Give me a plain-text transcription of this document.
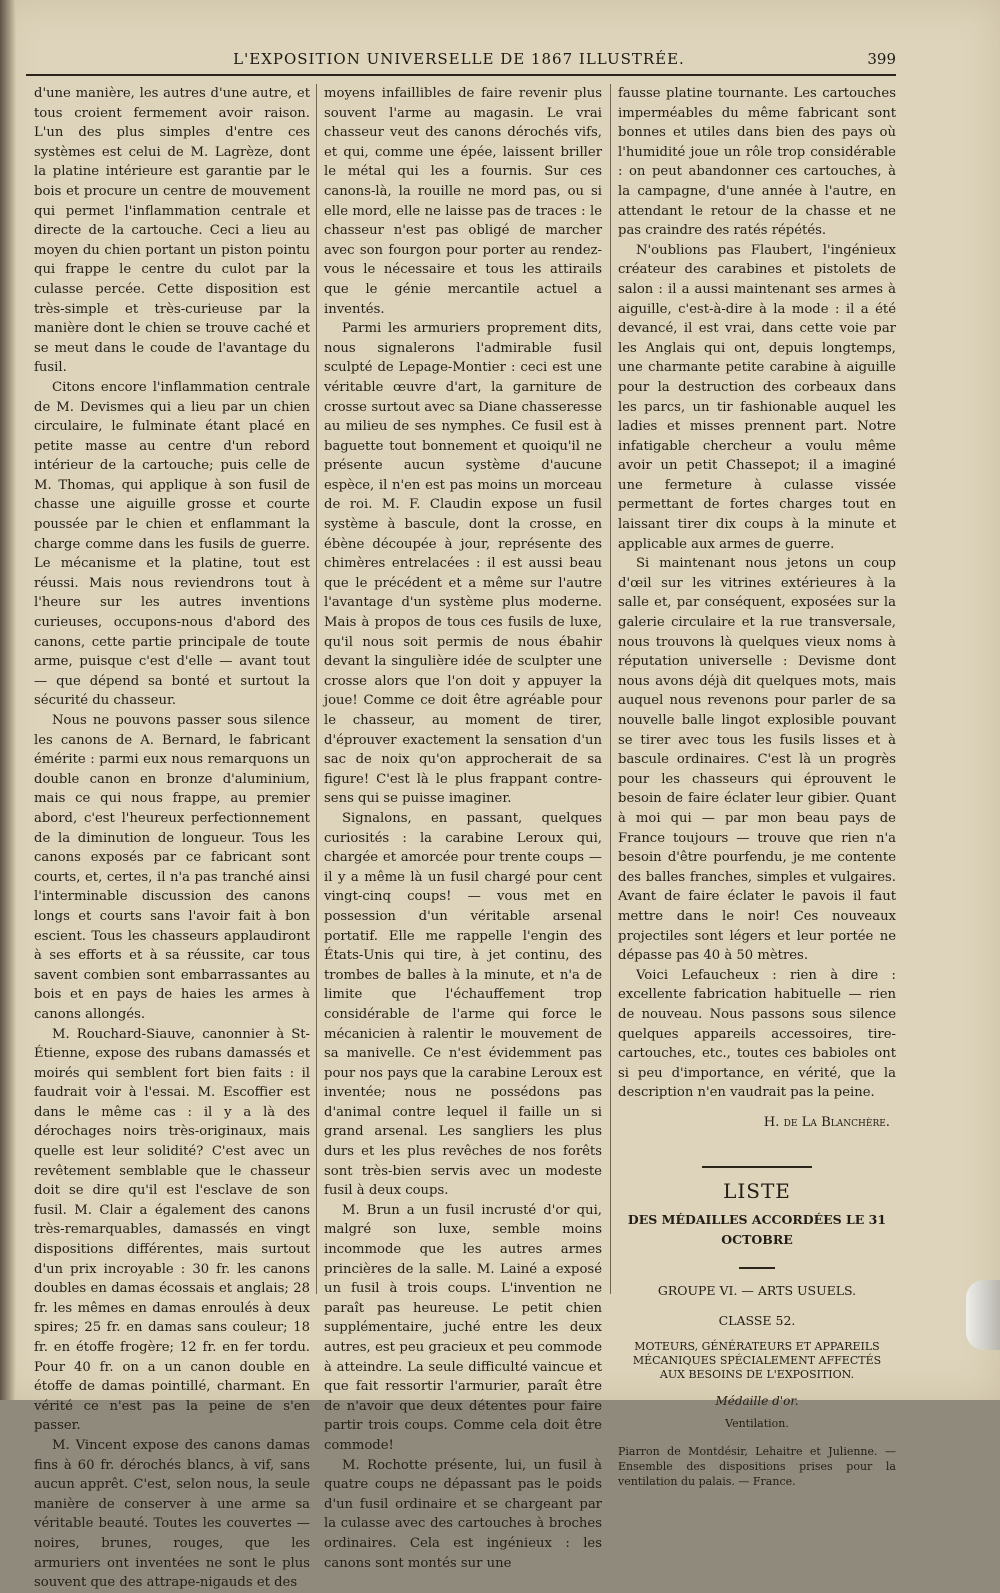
L'EXPOSITION UNIVERSELLE DE 1867 ILLUSTRÉE.	399

d'une manière, les autres d'une autre, et tous croient fermement avoir raison. L'un des plus simples d'entre ces systèmes est celui de M. Lagrèze, dont la platine intérieure est garantie par le bois et procure un centre de mouvement qui permet l'inflammation centrale et directe de la cartouche. Ceci a lieu au moyen du chien portant un piston pointu qui frappe le centre du culot par la culasse percée. Cette disposition est très-simple et très-curieuse par la manière dont le chien se trouve caché et se meut dans le coude de l'avantage du fusil.

Citons encore l'inflammation centrale de M. Devismes qui a lieu par un chien circulaire, le fulminate étant placé en petite masse au centre d'un rebord intérieur de la cartouche; puis celle de M. Thomas, qui applique à son fusil de chasse une aiguille grosse et courte poussée par le chien et enflammant la charge comme dans les fusils de guerre. Le mécanisme et la platine, tout est réussi. Mais nous reviendrons tout à l'heure sur les autres inventions curieuses, occupons-nous d'abord des canons, cette partie principale de toute arme, puisque c'est d'elle — avant tout — que dépend sa bonté et surtout la sécurité du chasseur.

Nous ne pouvons passer sous silence les canons de A. Bernard, le fabricant émérite : parmi eux nous remarquons un double canon en bronze d'aluminium, mais ce qui nous frappe, au premier abord, c'est l'heureux perfectionnement de la diminution de longueur. Tous les canons exposés par ce fabricant sont courts, et, certes, il n'a pas tranché ainsi l'interminable discussion des canons longs et courts sans l'avoir fait à bon escient. Tous les chasseurs applaudiront à ses efforts et à sa réussite, car tous savent combien sont embarrassantes au bois et en pays de haies les armes à canons allongés.

M. Rouchard-Siauve, canonnier à St-Étienne, expose des rubans damassés et moirés qui semblent fort bien faits : il faudrait voir à l'essai. M. Escoffier est dans le même cas : il y a là des dérochages noirs très-originaux, mais quelle est leur solidité? C'est avec un revêtement semblable que le chasseur doit se dire qu'il est l'esclave de son fusil. M. Clair a également des canons très-remarquables, damassés en vingt dispositions différentes, mais surtout d'un prix incroyable : 30 fr. les canons doubles en damas écossais et anglais; 28 fr. les mêmes en damas enroulés à deux spires; 25 fr. en damas sans couleur; 18 fr. en étoffe frogère; 12 fr. en fer tordu. Pour 40 fr. on a un canon double en étoffe de damas pointillé, charmant. En vérité ce n'est pas la peine de s'en passer.

M. Vincent expose des canons damas fins à 60 fr. dérochés blancs, à vif, sans aucun apprêt. C'est, selon nous, la seule manière de conserver à une arme sa véritable beauté. Toutes les couvertes — noires, brunes, rouges, que les armuriers ont inventées ne sont le plus souvent que des attrape-nigauds et des

moyens infaillibles de faire revenir plus souvent l'arme au magasin. Le vrai chasseur veut des canons dérochés vifs, et qui, comme une épée, laissent briller le métal qui les a fournis. Sur ces canons-là, la rouille ne mord pas, ou si elle mord, elle ne laisse pas de traces : le chasseur n'est pas obligé de marcher avec son fourgon pour porter au rendez-vous le nécessaire et tous les attirails que le génie mercantile actuel a inventés.

Parmi les armuriers proprement dits, nous signalerons l'admirable fusil sculpté de Lepage-Montier : ceci est une véritable œuvre d'art, la garniture de crosse surtout avec sa Diane chasseresse au milieu de ses nymphes. Ce fusil est à baguette tout bonnement et quoiqu'il ne présente aucun système d'aucune espèce, il n'en est pas moins un morceau de roi. M. F. Claudin expose un fusil système à bascule, dont la crosse, en ébène découpée à jour, représente des chimères entrelacées : il est aussi beau que le précédent et a même sur l'autre l'avantage d'un système plus moderne. Mais à propos de tous ces fusils de luxe, qu'il nous soit permis de nous ébahir devant la singulière idée de sculpter une crosse alors que l'on doit y appuyer la joue! Comme ce doit être agréable pour le chasseur, au moment de tirer, d'éprouver exactement la sensation d'un sac de noix qu'on approcherait de sa figure! C'est là le plus frappant contre-sens qui se puisse imaginer.

Signalons, en passant, quelques curiosités : la carabine Leroux qui, chargée et amorcée pour trente coups — il y a même là un fusil chargé pour cent vingt-cinq coups! — vous met en possession d'un véritable arsenal portatif. Elle me rappelle l'engin des États-Unis qui tire, à jet continu, des trombes de balles à la minute, et n'a de limite que l'échauffement trop considérable de l'arme qui force le mécanicien à ralentir le mouvement de sa manivelle. Ce n'est évidemment pas pour nos pays que la carabine Leroux est inventée; nous ne possédons pas d'animal contre lequel il faille un si grand arsenal. Les sangliers les plus durs et les plus revêches de nos forêts sont très-bien servis avec un modeste fusil à deux coups.

M. Brun a un fusil incrusté d'or qui, malgré son luxe, semble moins incommode que les autres armes princières de la salle. M. Lainé a exposé un fusil à trois coups. L'invention ne paraît pas heureuse. Le petit chien supplémentaire, juché entre les deux autres, est peu gracieux et peu commode à atteindre. La seule difficulté vaincue et que fait ressortir l'armurier, paraît être de n'avoir que deux détentes pour faire partir trois coups. Comme cela doit être commode!

M. Rochotte présente, lui, un fusil à quatre coups ne dépassant pas le poids d'un fusil ordinaire et se chargeant par la culasse avec des cartouches à broches ordinaires. Cela est ingénieux : les canons sont montés sur une

fausse platine tournante. Les cartouches imperméables du même fabricant sont bonnes et utiles dans bien des pays où l'humidité joue un rôle trop considérable : on peut abandonner ces cartouches, à la campagne, d'une année à l'autre, en attendant le retour de la chasse et ne pas craindre des ratés répétés.

N'oublions pas Flaubert, l'ingénieux créateur des carabines et pistolets de salon : il a aussi maintenant ses armes à aiguille, c'est-à-dire à la mode : il a été devancé, il est vrai, dans cette voie par les Anglais qui ont, depuis longtemps, une charmante petite carabine à aiguille pour la destruction des corbeaux dans les parcs, un tir fashionable auquel les ladies et misses prennent part. Notre infatigable chercheur a voulu même avoir un petit Chassepot; il a imaginé une fermeture à culasse vissée permettant de fortes charges tout en laissant tirer dix coups à la minute et applicable aux armes de guerre.

Si maintenant nous jetons un coup d'œil sur les vitrines extérieures à la salle et, par conséquent, exposées sur la galerie circulaire et la rue transversale, nous trouvons là quelques vieux noms à réputation universelle : Devisme dont nous avons déjà dit quelques mots, mais auquel nous revenons pour parler de sa nouvelle balle lingot explosible pouvant se tirer avec tous les fusils lisses et à bascule ordinaires. C'est là un progrès pour les chasseurs qui éprouvent le besoin de faire éclater leur gibier. Quant à moi qui — par mon beau pays de France toujours — trouve que rien n'a besoin d'être pourfendu, je me contente des balles franches, simples et vulgaires. Avant de faire éclater le pavois il faut mettre dans le noir! Ces nouveaux projectiles sont légers et leur portée ne dépasse pas 40 à 50 mètres.

Voici Lefaucheux : rien à dire : excellente fabrication habituelle — rien de nouveau. Nous passons sous silence quelques appareils accessoires, tire-cartouches, etc., toutes ces babioles ont si peu d'importance, en vérité, que la description n'en vaudrait pas la peine.

H. de La Blanchère.
LISTE
DES MÉDAILLES ACCORDÉES LE 31 OCTOBRE
GROUPE VI. — ARTS USUELS.
CLASSE 52.
MOTEURS, GÉNÉRATEURS ET APPAREILS MÉCANIQUES SPÉCIALEMENT AFFECTÉS AUX BESOINS DE L'EXPOSITION.
Médaille d'or.
Ventilation.
Piarron de Montdésir, Lehaitre et Julienne. — Ensemble des dispositions prises pour la ventilation du palais. — France.
